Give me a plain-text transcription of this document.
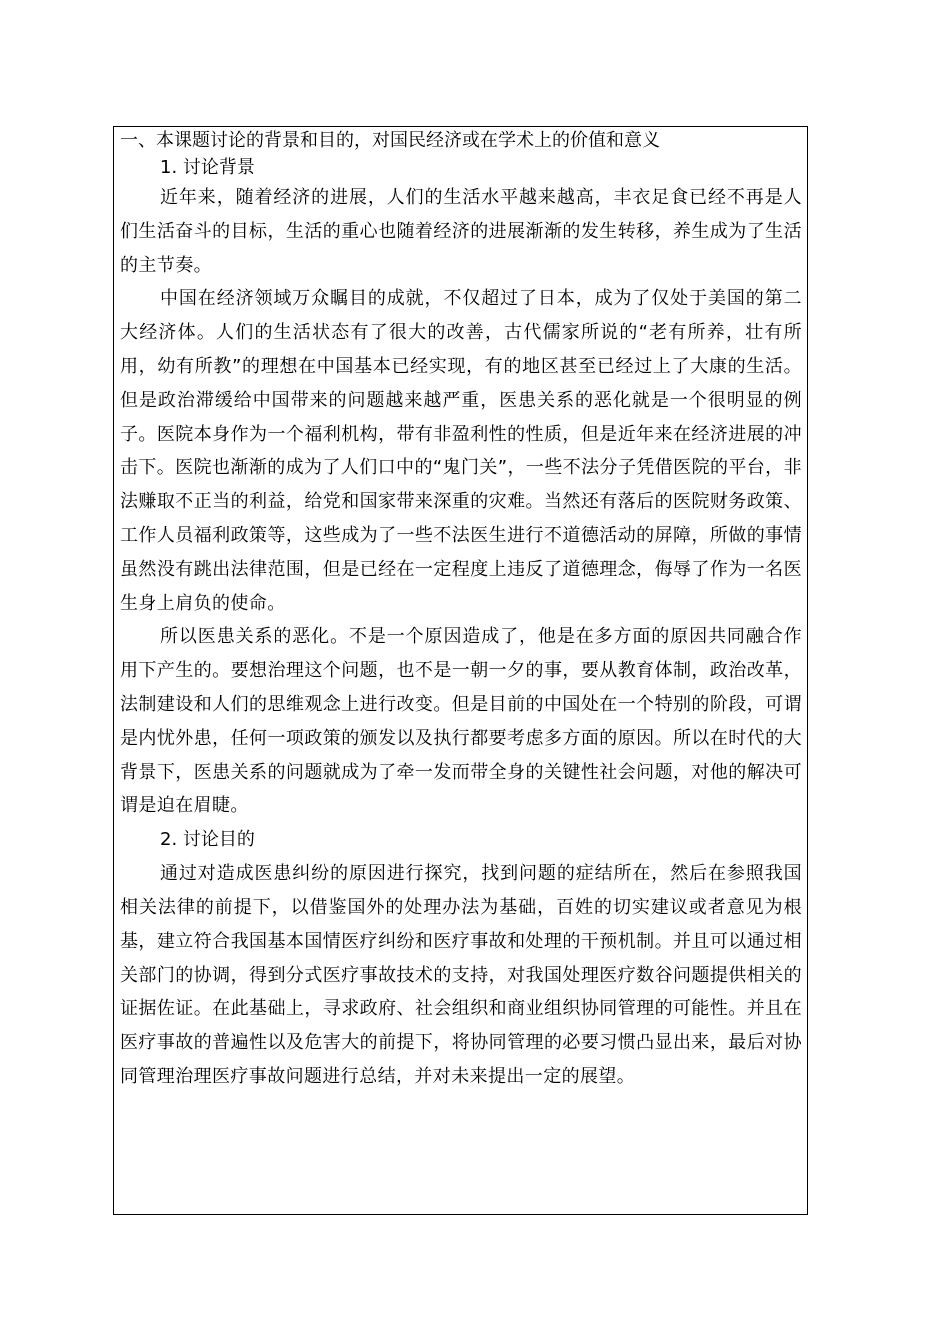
一、本课题讨论的背景和目的，对国民经济或在学术上的价值和意义
1. 讨论背景

近年来，随着经济的进展，人们的生活水平越来越高，丰衣足食已经不再是人们生活奋斗的目标，生活的重心也随着经济的进展渐渐的发生转移，养生成为了生活的主节奏。

中国在经济领域万众瞩目的成就，不仅超过了日本，成为了仅处于美国的第二大经济体。人们的生活状态有了很大的改善，古代儒家所说的“老有所养，壮有所用，幼有所教”的理想在中国基本已经实现，有的地区甚至已经过上了大康的生活。但是政治滞缓给中国带来的问题越来越严重，医患关系的恶化就是一个很明显的例子。医院本身作为一个福利机构，带有非盈利性的性质，但是近年来在经济进展的冲击下。医院也渐渐的成为了人们口中的“鬼门关”，一些不法分子凭借医院的平台，非法赚取不正当的利益，给党和国家带来深重的灾难。当然还有落后的医院财务政策、工作人员福利政策等，这些成为了一些不法医生进行不道德活动的屏障，所做的事情虽然没有跳出法律范围，但是已经在一定程度上违反了道德理念，侮辱了作为一名医生身上肩负的使命。

所以医患关系的恶化。不是一个原因造成了，他是在多方面的原因共同融合作用下产生的。要想治理这个问题，也不是一朝一夕的事，要从教育体制，政治改革，法制建设和人们的思维观念上进行改变。但是目前的中国处在一个特别的阶段，可谓是内忧外患，任何一项政策的颁发以及执行都要考虑多方面的原因。所以在时代的大背景下，医患关系的问题就成为了牵一发而带全身的关键性社会问题，对他的解决可谓是迫在眉睫。

2. 讨论目的

通过对造成医患纠纷的原因进行探究，找到问题的症结所在，然后在参照我国相关法律的前提下，以借鉴国外的处理办法为基础，百姓的切实建议或者意见为根基，建立符合我国基本国情医疗纠纷和医疗事故和处理的干预机制。并且可以通过相关部门的协调，得到分式医疗事故技术的支持，对我国处理医疗数谷问题提供相关的证据佐证。在此基础上，寻求政府、社会组织和商业组织协同管理的可能性。并且在医疗事故的普遍性以及危害大的前提下，将协同管理的必要习惯凸显出来，最后对协同管理治理医疗事故问题进行总结，并对未来提出一定的展望。
